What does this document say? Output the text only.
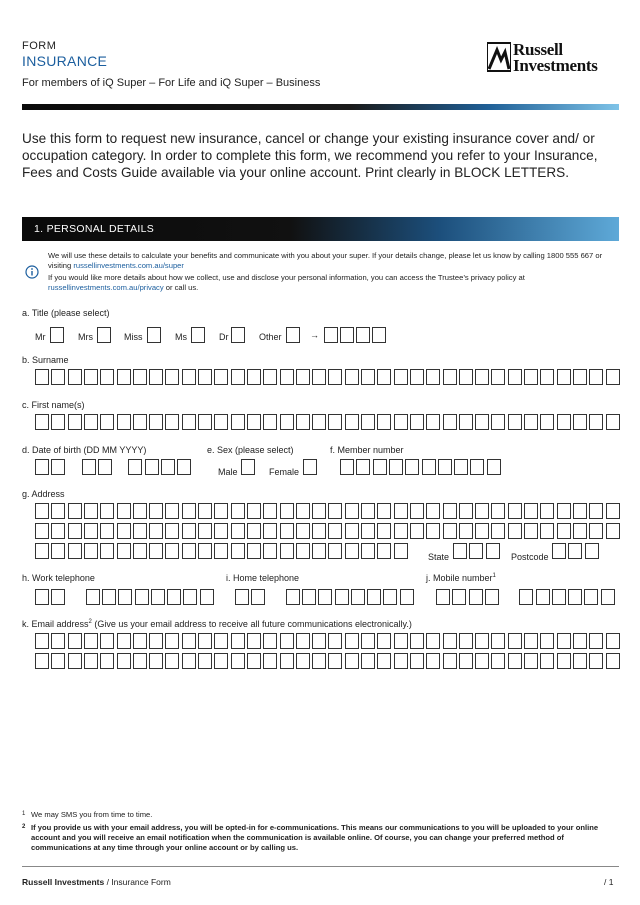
FORM
INSURANCE
For members of iQ Super – For Life and iQ Super – Business
Russell
Investments
Use this form to request new insurance, cancel or change your existing insurance cover and/ or occupation category. In order to complete this form, we recommend you refer to your Insurance, Fees and Costs Guide available via your online account. Print clearly in BLOCK LETTERS.
1. PERSONAL DETAILS

We will use these details to calculate your benefits and communicate with you about your super. If your details change, please let us know by calling 1800 555 667 or visiting russellinvestments.com.au/super

If you would like more details about how we collect, use and disclose your personal information, you can access the Trustee’s privacy policy at russellinvestments.com.au/privacy or call us.

a. Title (please select)
Mr	Mrs	Miss	Ms	Dr	Other	→
b. Surname
c. First name(s)
d. Date of birth (DD MM YYYY)	e. Sex (please select)	f. Member number
Male	Female
g. Address
State	Postcode
h. Work telephone	i. Home telephone	j. Mobile number$^1$
k. Email address$^2$ (Give us your email address to receive all future communications electronically.)
1 We may SMS you from time to time.
2 If you provide us with your email address, you will be opted-in for e-communications. This means our communications to you will be uploaded to your online account and you will receive an email notification when the communication is available online. Of course, you can change your preferred method of communications at any time through your online account or by calling us.
Russell Investments / Insurance Form	/ 1
